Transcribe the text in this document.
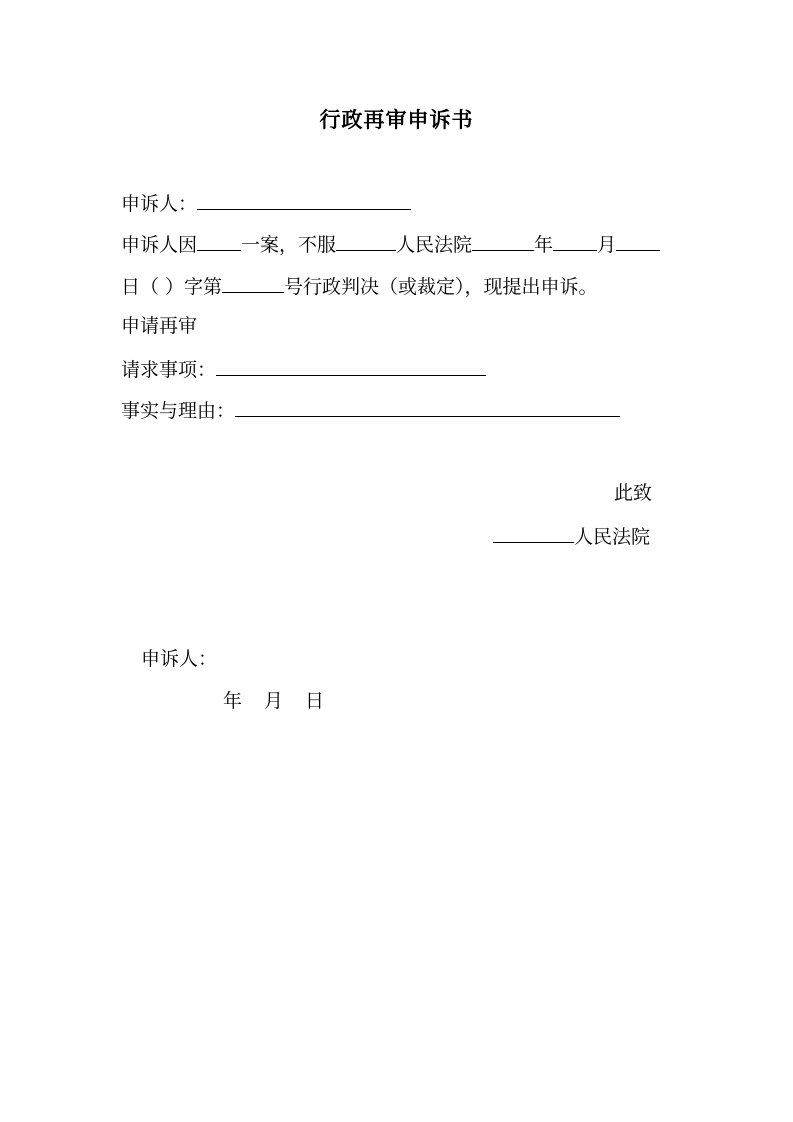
行政再审申诉书
申诉人：
申诉人因 一案，不服	人民法院	年 月
日（ ）字第	号行政判决（或裁定），现提出申诉。
申请再审
请求事项：
事实与理由：
此致
人民法院
申诉人：
年 月 日
